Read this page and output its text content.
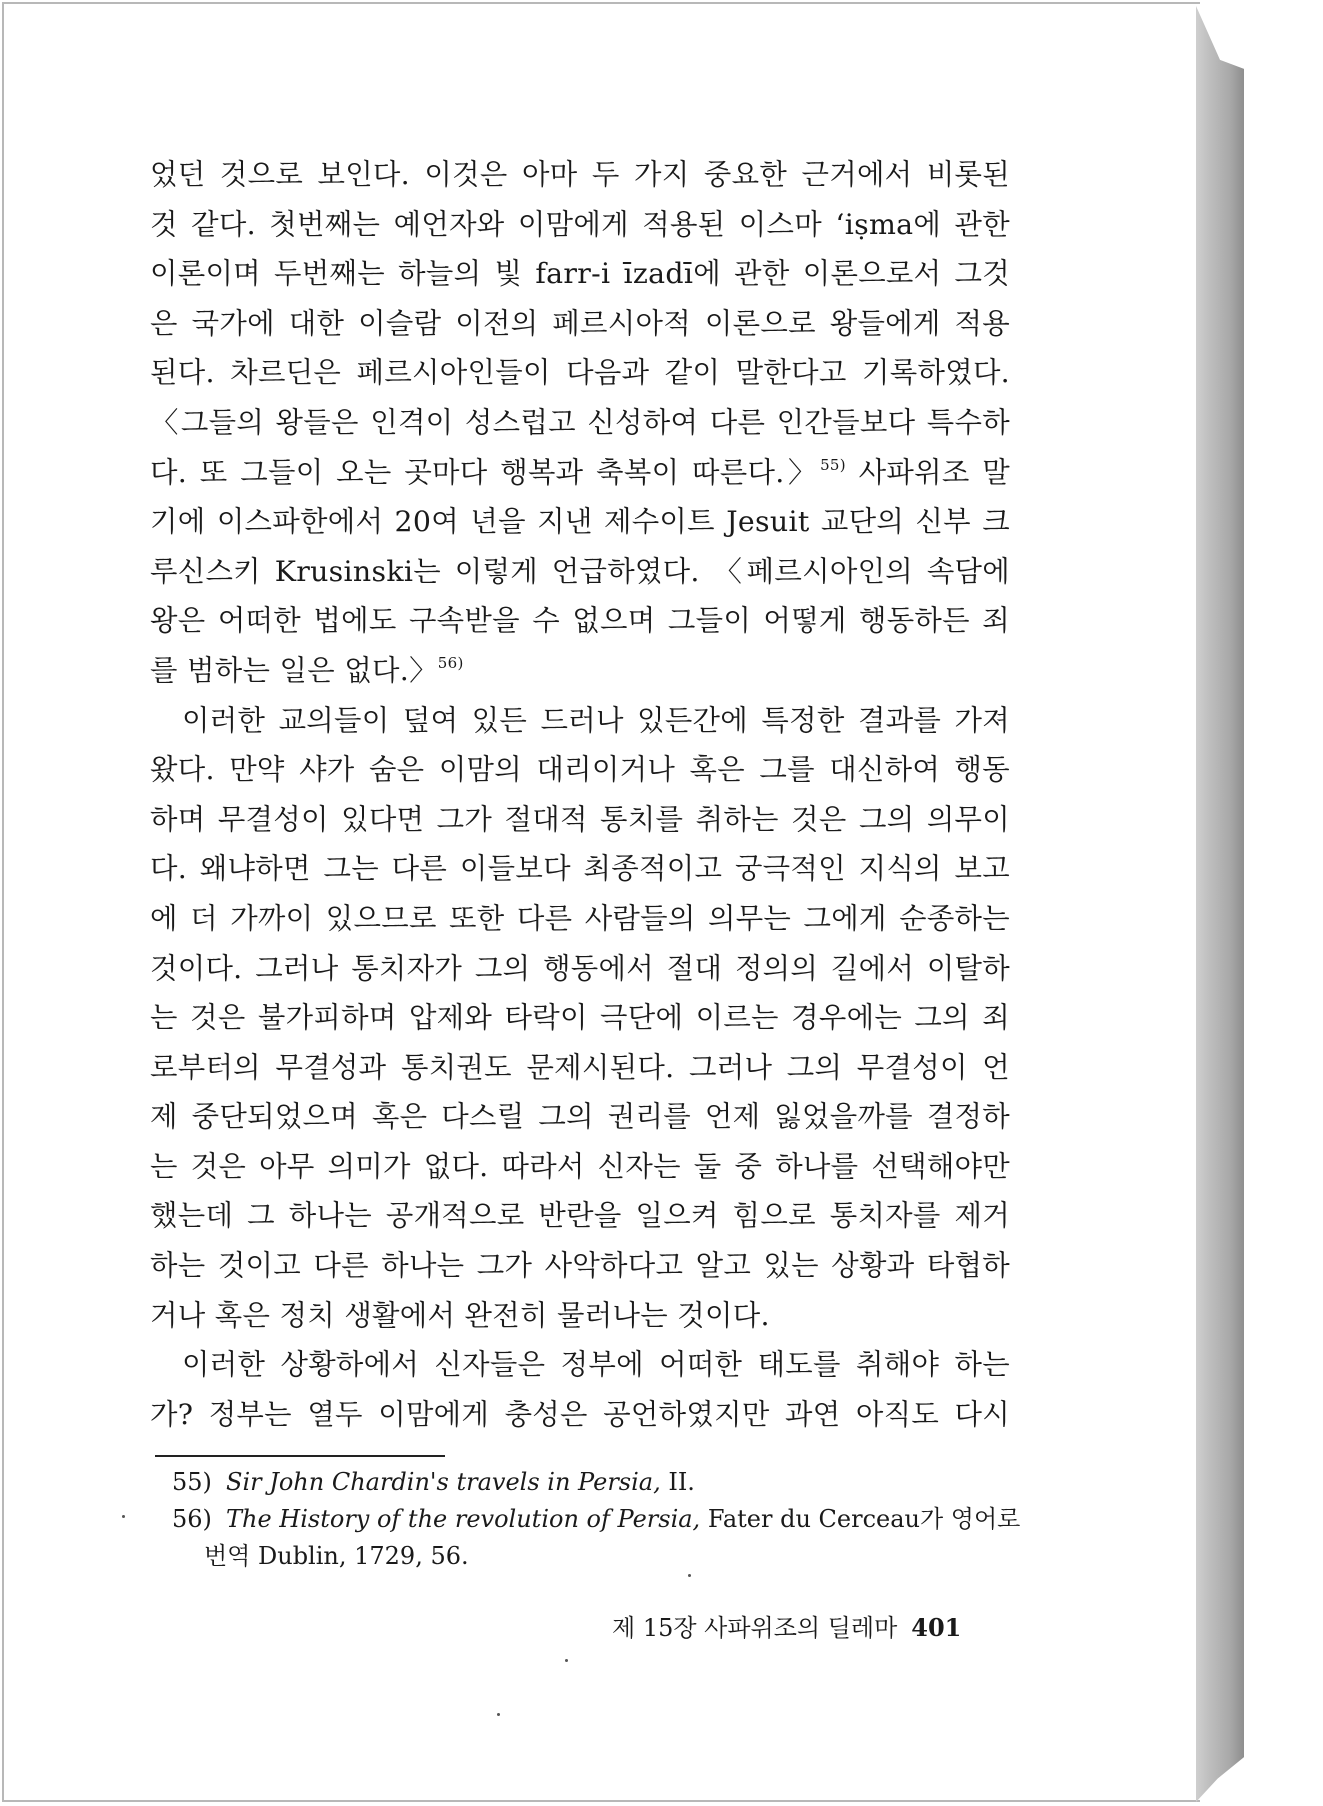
었던 것으로 보인다. 이것은 아마 두 가지 중요한 근거에서 비롯된
것 같다. 첫번째는 예언자와 이맘에게 적용된 이스마 ‘iṣma에 관한
이론이며 두번째는 하늘의 빛 farr-i īzadī에 관한 이론으로서 그것
은 국가에 대한 이슬람 이전의 페르시아적 이론으로 왕들에게 적용
된다. 차르딘은 페르시아인들이 다음과 같이 말한다고 기록하였다.
〈그들의 왕들은 인격이 성스럽고 신성하여 다른 인간들보다 특수하
다. 또 그들이 오는 곳마다 행복과 축복이 따른다.〉$^{55)}$ 사파위조 말
기에 이스파한에서 20여 년을 지낸 제수이트 Jesuit 교단의 신부 크
루신스키 Krusinski는 이렇게 언급하였다. 〈페르시아인의 속담에
왕은 어떠한 법에도 구속받을 수 없으며 그들이 어떻게 행동하든 죄
를 범하는 일은 없다.〉$^{56)}$
이러한 교의들이 덮여 있든 드러나 있든간에 특정한 결과를 가져
왔다. 만약 샤가 숨은 이맘의 대리이거나 혹은 그를 대신하여 행동
하며 무결성이 있다면 그가 절대적 통치를 취하는 것은 그의 의무이
다. 왜냐하면 그는 다른 이들보다 최종적이고 궁극적인 지식의 보고
에 더 가까이 있으므로 또한 다른 사람들의 의무는 그에게 순종하는
것이다. 그러나 통치자가 그의 행동에서 절대 정의의 길에서 이탈하
는 것은 불가피하며 압제와 타락이 극단에 이르는 경우에는 그의 죄
로부터의 무결성과 통치권도 문제시된다. 그러나 그의 무결성이 언
제 중단되었으며 혹은 다스릴 그의 권리를 언제 잃었을까를 결정하
는 것은 아무 의미가 없다. 따라서 신자는 둘 중 하나를 선택해야만
했는데 그 하나는 공개적으로 반란을 일으켜 힘으로 통치자를 제거
하는 것이고 다른 하나는 그가 사악하다고 알고 있는 상황과 타협하
거나 혹은 정치 생활에서 완전히 물러나는 것이다.
이러한 상황하에서 신자들은 정부에 어떠한 태도를 취해야 하는
가? 정부는 열두 이맘에게 충성은 공언하였지만 과연 아직도 다시
55) Sir John Chardin's travels in Persia, II.
56) The History of the revolution of Persia, Fater du Cerceau가 영어로
번역 Dublin, 1729, 56.
제 15장 사파위조의 딜레마 401
